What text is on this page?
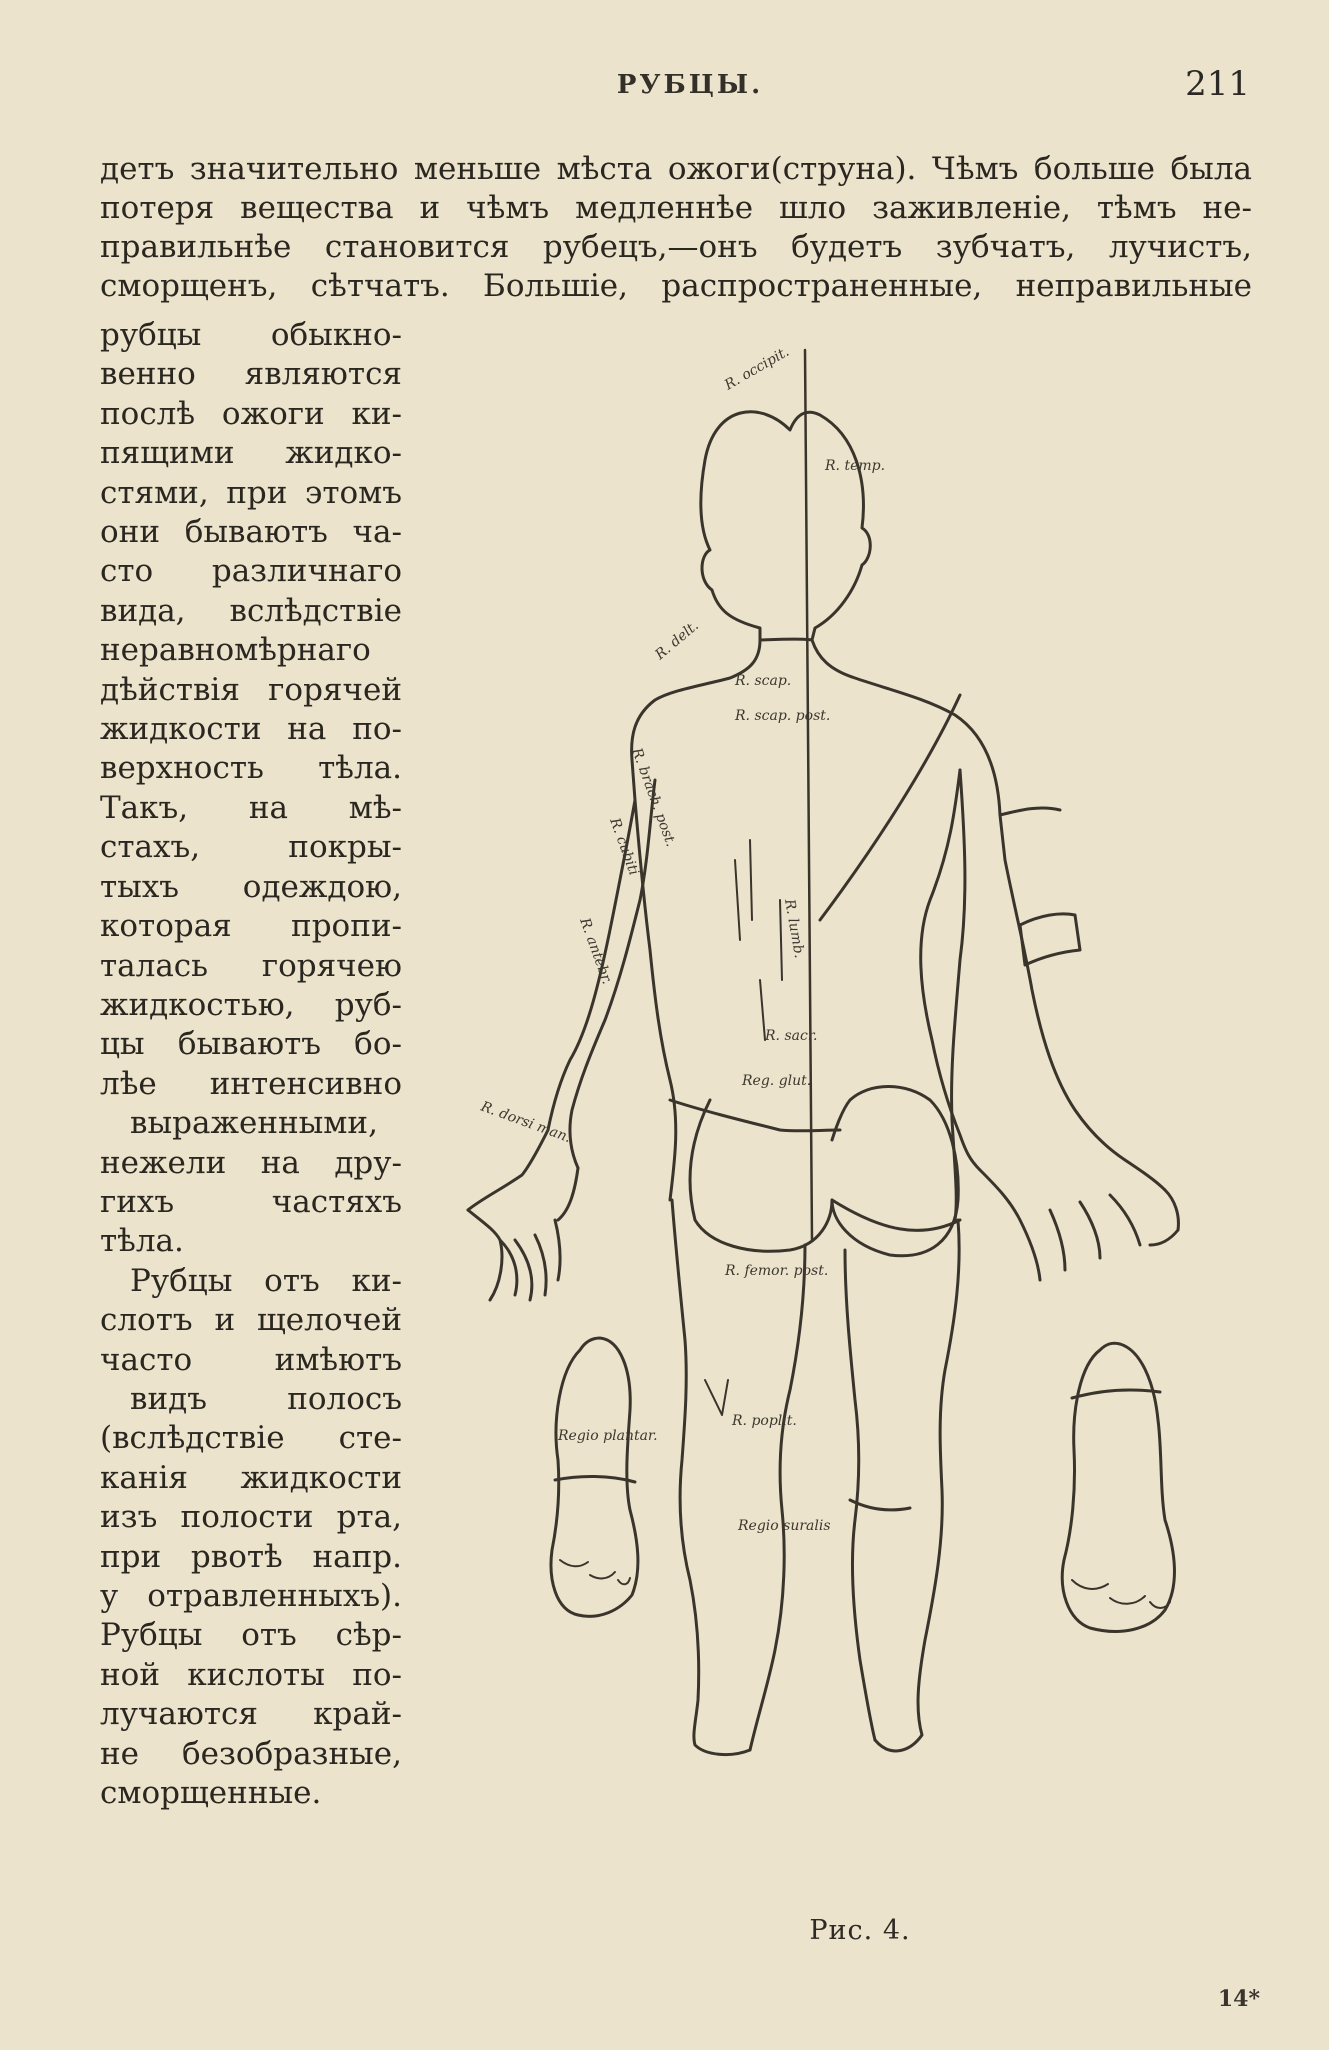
РУБЦЫ.	211
детъ значительно меньше мѣста ожоги(струна). Чѣмъ больше была
потеря вещества и чѣмъ медленнѣе шло заживленіе, тѣмъ не-
правильнѣе становится рубецъ,—онъ будетъ зубчатъ, лучистъ,
сморщенъ, сѣтчатъ. Большіе, распространенные, неправильные
рубцы обыкно-
венно являются
послѣ ожоги ки-
пящими жидко-
стями, при этомъ
они бываютъ ча-
сто различнаго
вида, вслѣдствіе
неравномѣрнаго
дѣйствія горячей
жидкости на по-
верхность тѣла.
Такъ, на мѣ-
стахъ, покры-
тыхъ одеждою,
которая пропи-
талась горячею
жидкостью, руб-
цы бываютъ бо-
лѣе интенсивно
выраженными,
нежели на дру-
гихъ частяхъ
тѣла.
Рубцы отъ ки-
слотъ и щелочей
часто имѣютъ
видъ полосъ
(вслѣдствіе сте-
канія жидкости
изъ полости рта,
при рвотѣ напр.
у отравленныхъ).
Рубцы отъ сѣр-
ной кислоты по-
лучаются край-
не безобразные,
сморщенные.
R. occipit.
R. temp.
R. delt.
R. scap.
R. scap. post.
R. brach. post.
R. cubiti
R. antebr.	R. lumb.
R. sacr.
Reg. glut.
R. femor. post.
R. poplit.
Regio suralis
Regio plantar.
R. dorsi man.
Рис. 4.
14*
